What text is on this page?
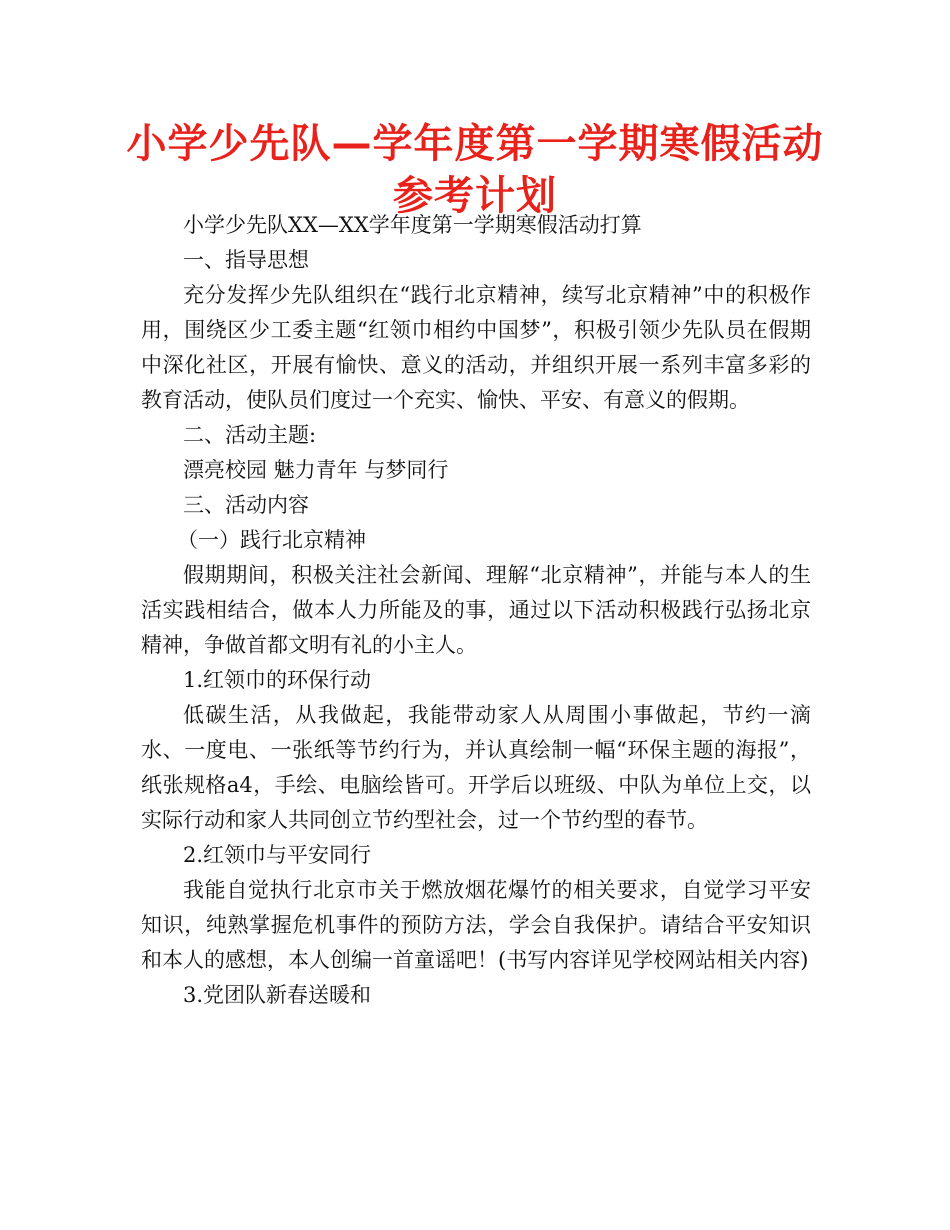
小学少先队—学年度第一学期寒假活动参考计划

小学少先队XX—XX学年度第一学期寒假活动打算

一、指导思想

充分发挥少先队组织在“践行北京精神，续写北京精神”中的积极作用，围绕区少工委主题“红领巾相约中国梦”，积极引领少先队员在假期中深化社区，开展有愉快、意义的活动，并组织开展一系列丰富多彩的教育活动，使队员们度过一个充实、愉快、平安、有意义的假期。

二、活动主题:

漂亮校园 魅力青年 与梦同行

三、活动内容

（一）践行北京精神

假期期间，积极关注社会新闻、理解“北京精神”，并能与本人的生活实践相结合，做本人力所能及的事，通过以下活动积极践行弘扬北京精神，争做首都文明有礼的小主人。

1.红领巾的环保行动

低碳生活，从我做起，我能带动家人从周围小事做起，节约一滴水、一度电、一张纸等节约行为，并认真绘制一幅“环保主题的海报”，纸张规格a4，手绘、电脑绘皆可。开学后以班级、中队为单位上交，以实际行动和家人共同创立节约型社会，过一个节约型的春节。

2.红领巾与平安同行

我能自觉执行北京市关于燃放烟花爆竹的相关要求，自觉学习平安知识，纯熟掌握危机事件的预防方法，学会自我保护。请结合平安知识和本人的感想，本人创编一首童谣吧！(书写内容详见学校网站相关内容)

3.党团队新春送暖和
